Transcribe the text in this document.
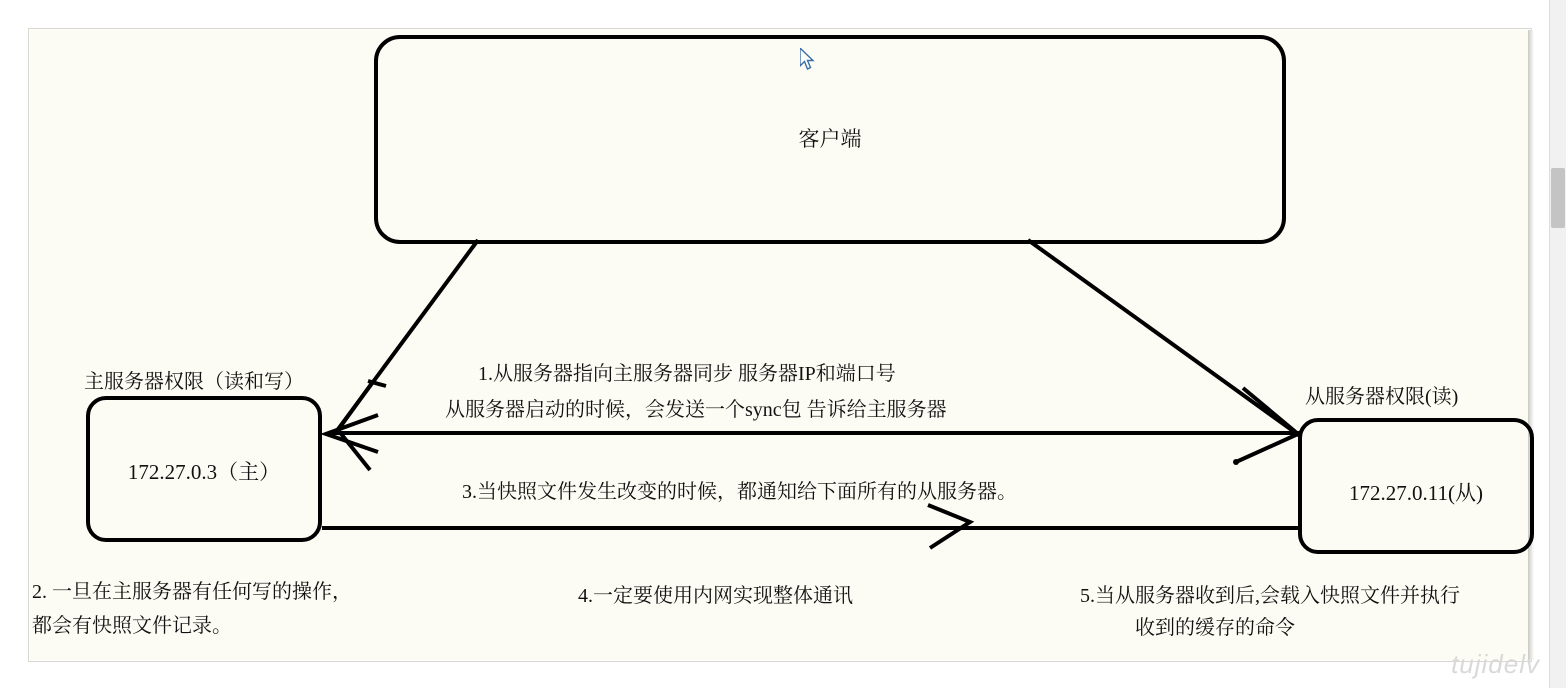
客户端
172.27.0.3（主）
172.27.0.11(从)
主服务器权限（读和写）
从服务器权限(读)
1.从服务器指向主服务器同步 服务器IP和端口号
从服务器启动的时候，会发送一个sync包 告诉给主服务器
3.当快照文件发生改变的时候，都通知给下面所有的从服务器。
2. 一旦在主服务器有任何写的操作，
都会有快照文件记录。
4.一定要使用内网实现整体通讯	5.当从服务器收到后,会载入快照文件并执行
收到的缓存的命令
tujidelv
